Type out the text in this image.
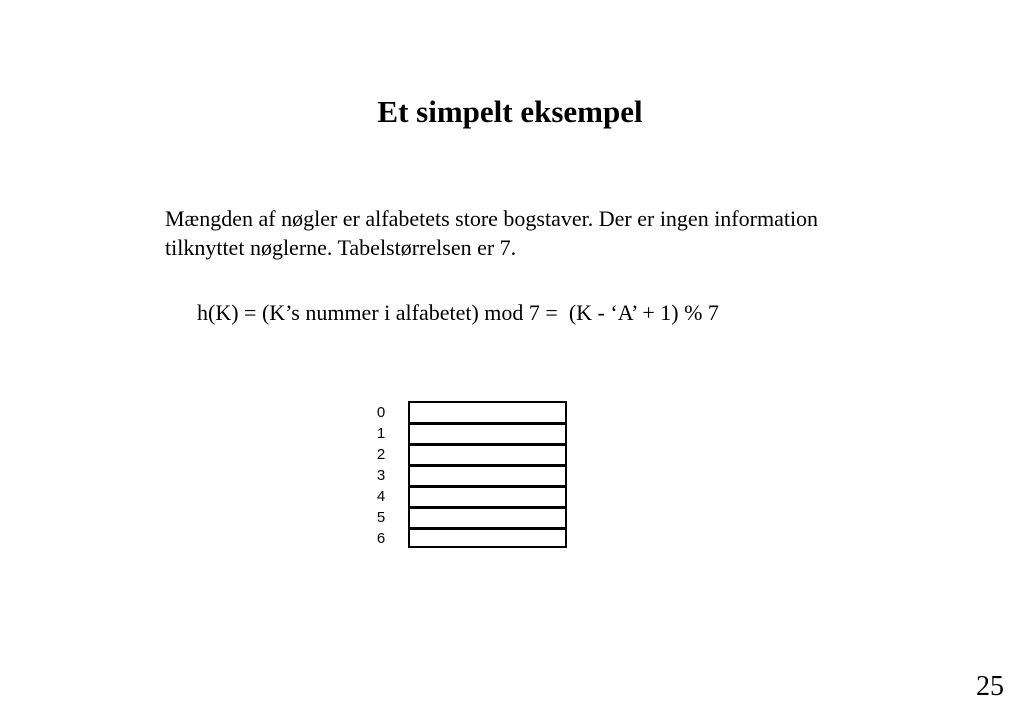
Et simpelt eksempel

Mængden af nøgler er alfabetets store bogstaver. Der er ingen information
tilknyttet nøglerne. Tabelstørrelsen er 7.

h(K) = (K’s nummer i alfabetet) mod 7 =  (K - ‘A’ + 1) % 7

0
1
2
3
4
5
6
25
